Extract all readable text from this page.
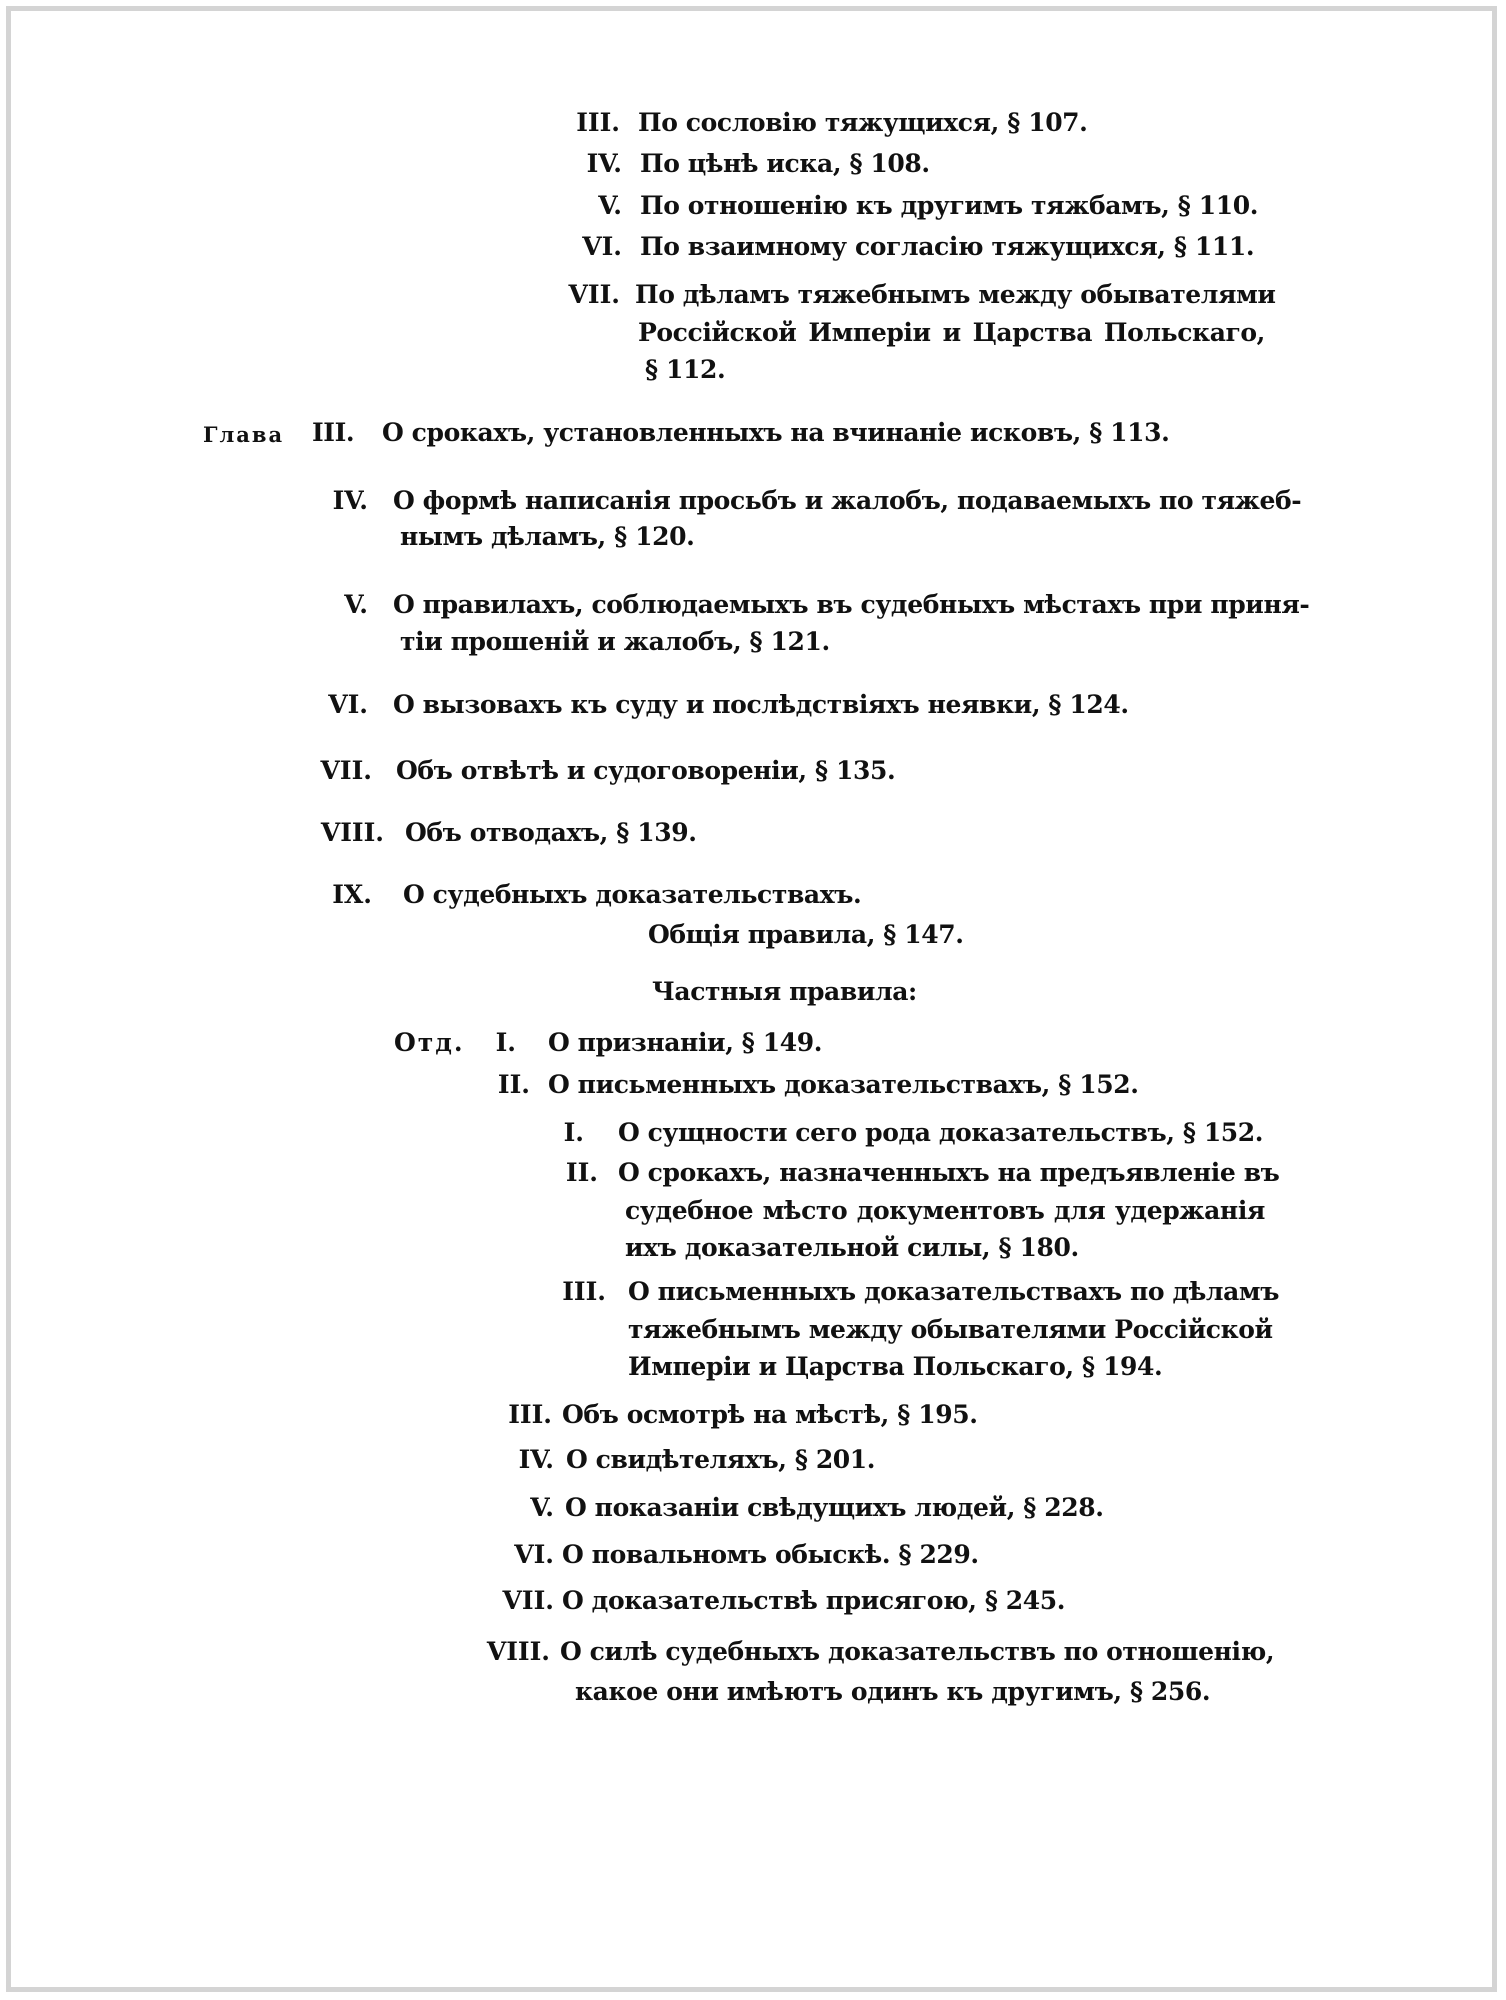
III. По сословію тяжущихся, § 107.
IV. По цѣнѣ иска, § 108.
V. По отношенію къ другимъ тяжбамъ, § 110.
VI. По взаимному согласію тяжущихся, § 111.
VII. По дѣламъ тяжебнымъ между обывателями
Россійской Имперіи и Царства Польскаго,
§ 112.
Глава III. О срокахъ, установленныхъ на вчинаніе исковъ, § 113.
IV. О формѣ написанія просьбъ и жалобъ, подаваемыхъ по тяжеб-
нымъ дѣламъ, § 120.
V. О правилахъ, соблюдаемыхъ въ судебныхъ мѣстахъ при приня-
тіи прошеній и жалобъ, § 121.
VI. О вызовахъ къ суду и послѣдствіяхъ неявки, § 124.
VII. Объ отвѣтѣ и судоговореніи, § 135.
VIII. Объ отводахъ, § 139.
IX. О судебныхъ доказательствахъ.
Общія правила, § 147.
Частныя правила:
Отд.	I. О признаніи, § 149.
II. О письменныхъ доказательствахъ, § 152.
I. О сущности сего рода доказательствъ, § 152.
II. О срокахъ, назначенныхъ на предъявленіе въ
судебное мѣсто документовъ для удержанія
ихъ доказательной силы, § 180.
III. О письменныхъ доказательствахъ по дѣламъ
тяжебнымъ между обывателями Россійской
Имперіи и Царства Польскаго, § 194.
III. Объ осмотрѣ на мѣстѣ, § 195.
IV. О свидѣтеляхъ, § 201.
V. О показаніи свѣдущихъ людей, § 228.
VI. О повальномъ обыскѣ. § 229.
VII. О доказательствѣ присягою, § 245.
VIII. О силѣ судебныхъ доказательствъ по отношенію,
какое они имѣютъ одинъ къ другимъ, § 256.
